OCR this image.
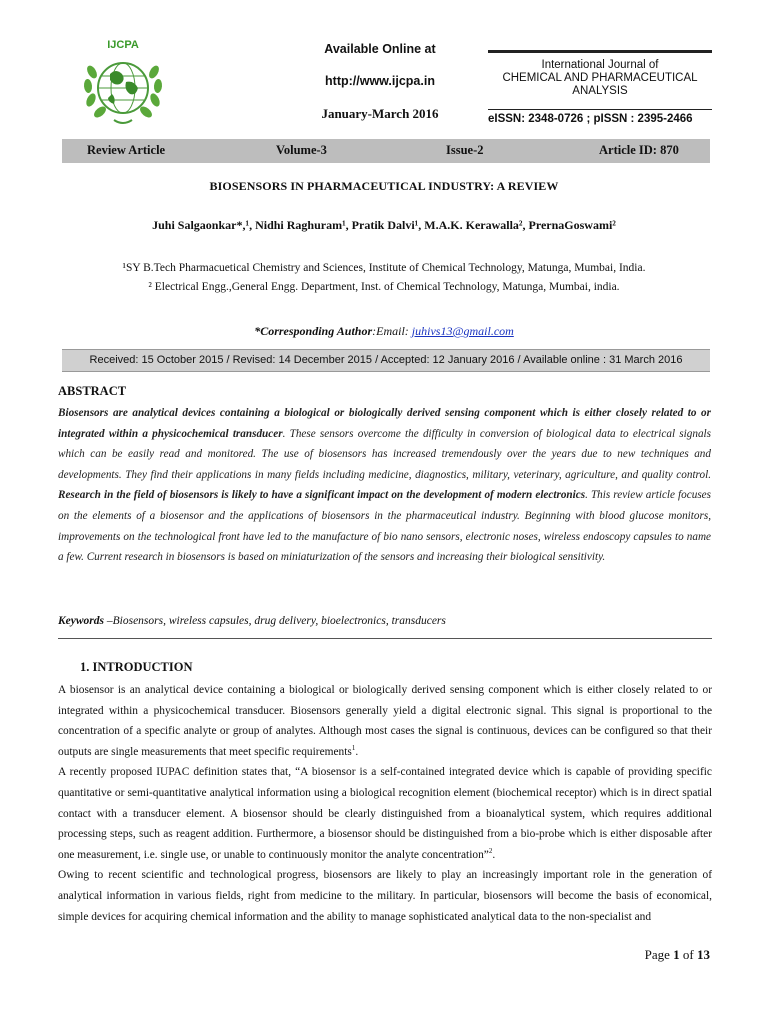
IJCPA	Available Online at
http://www.ijcpa.in
January-March 2016
International Journal of
CHEMICAL AND PHARMACEUTICAL
ANALYSIS
eISSN: 2348-0726 ; pISSN : 2395-2466
Review Article	Volume-3	Issue-2	Article ID: 870
BIOSENSORS IN PHARMACEUTICAL INDUSTRY: A REVIEW
Juhi Salgaonkar*,¹, Nidhi Raghuram¹, Pratik Dalvi¹, M.A.K. Kerawalla², PrernaGoswami²
¹SY B.Tech Pharmacuetical Chemistry and Sciences, Institute of Chemical Technology, Matunga, Mumbai, India.
² Electrical Engg.,General Engg. Department, Inst. of Chemical Technology, Matunga, Mumbai, india.
*Corresponding Author:Email: juhivs13@gmail.com
Received: 15 October 2015 / Revised: 14 December 2015 / Accepted: 12 January 2016 / Available online : 31 March 2016
ABSTRACT
Biosensors are analytical devices containing a biological or biologically derived sensing component which is either closely related to or integrated within a physicochemical transducer. These sensors overcome the difficulty in conversion of biological data to electrical signals which can be easily read and monitored. The use of biosensors has increased tremendously over the years due to new techniques and developments. They find their applications in many fields including medicine, diagnostics, military, veterinary, agriculture, and quality control. Research in the field of biosensors is likely to have a significant impact on the development of modern electronics. This review article focuses on the elements of a biosensor and the applications of biosensors in the pharmaceutical industry. Beginning with blood glucose monitors, improvements on the technological front have led to the manufacture of bio nano sensors, electronic noses, wireless endoscopy capsules to name a few. Current research in biosensors is based on miniaturization of the sensors and increasing their biological sensitivity.
Keywords –Biosensors, wireless capsules, drug delivery, bioelectronics, transducers
1. INTRODUCTION

A biosensor is an analytical device containing a biological or biologically derived sensing component which is either closely related to or integrated within a physicochemical transducer. Biosensors generally yield a digital electronic signal. This signal is proportional to the concentration of a specific analyte or group of analytes. Although most cases the signal is continuous, devices can be configured so that their outputs are single measurements that meet specific requirements$^1$.

A recently proposed IUPAC definition states that, “A biosensor is a self-contained integrated device which is capable of providing specific quantitative or semi-quantitative analytical information using a biological recognition element (biochemical receptor) which is in direct spatial contact with a transducer element. A biosensor should be clearly distinguished from a bioanalytical system, which requires additional processing steps, such as reagent addition. Furthermore, a biosensor should be distinguished from a bio-probe which is either disposable after one measurement, i.e. single use, or unable to continuously monitor the analyte concentration”$^2$.

Owing to recent scientific and technological progress, biosensors are likely to play an increasingly important role in the generation of analytical information in various fields, right from medicine to the military. In particular, biosensors will become the basis of economical, simple devices for acquiring chemical information and the ability to manage sophisticated analytical data to the non-specialist and

Page 1 of 13
